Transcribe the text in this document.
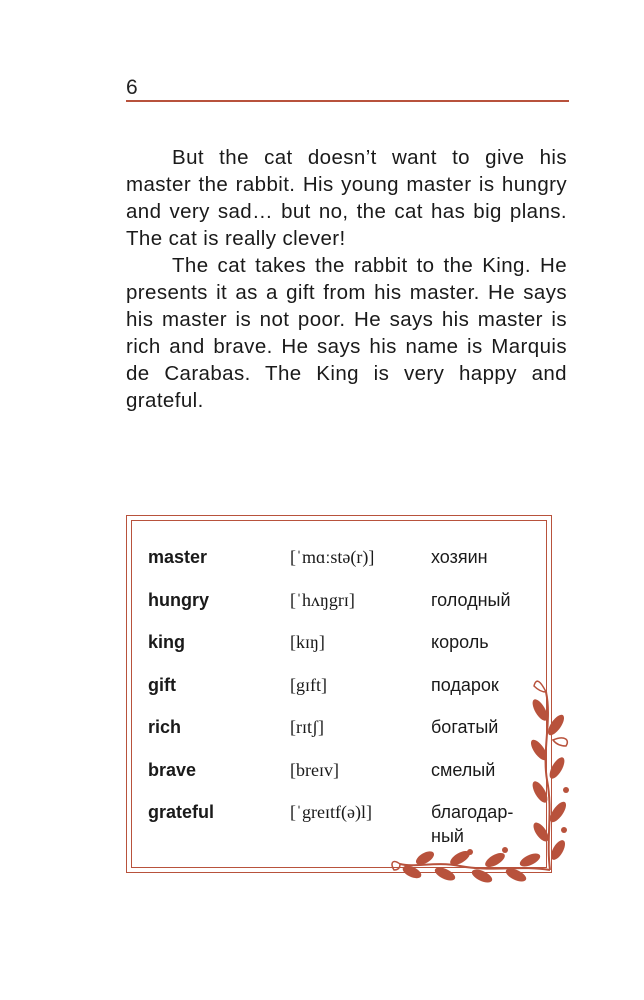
6

But the cat doesn’t want to give his master the rabbit. His young master is hungry and very sad… but no, the cat has big plans. The cat is really clever!

The cat takes the rabbit to the King. He presents it as a gift from his master. He says his master is not poor. He says his master is rich and brave. He says his name is Marquis de Carabas. The King is very happy and grateful.

master	[ˈmɑːstə(r)]	хозяин
hungry	[ˈhʌŋgrɪ]	голодный
king	[kɪŋ]	король
gift	[gɪft]	подарок
rich	[rɪtʃ]	богатый
brave	[breɪv]	смелый
grateful	[ˈgreɪtf(ə)l]	благодар-
ный
